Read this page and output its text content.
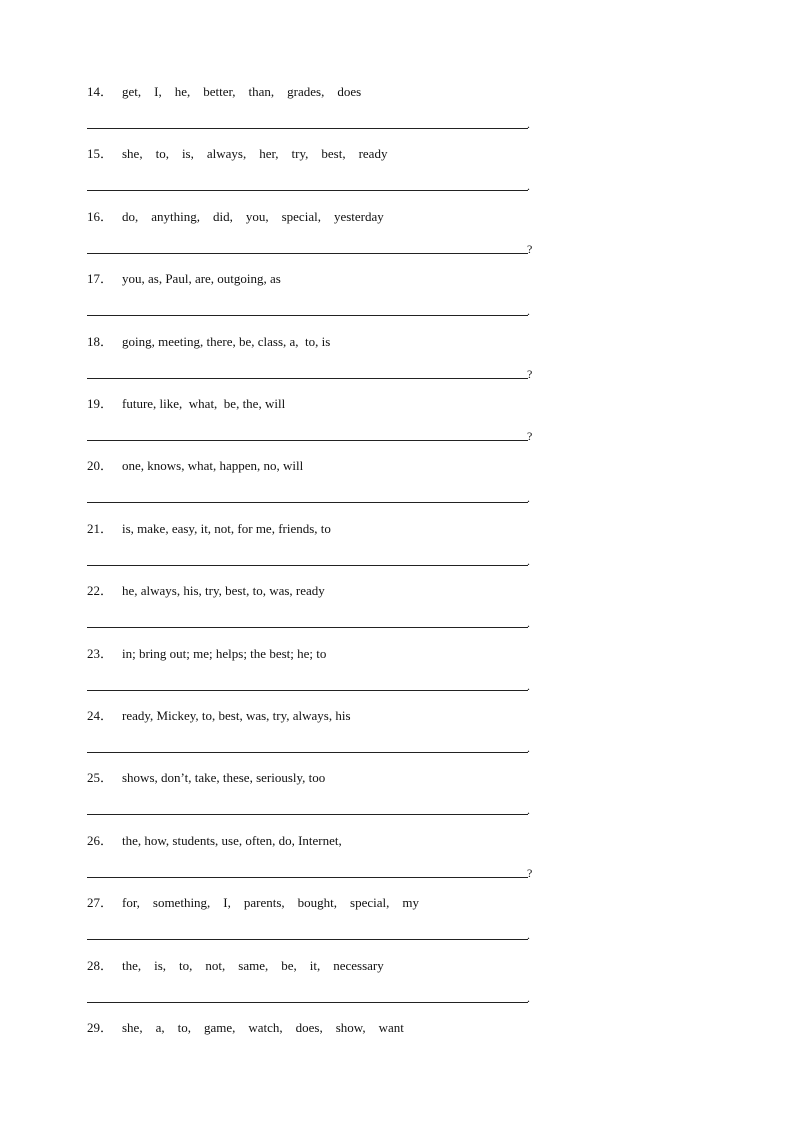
14． get,    I,    he,    better,    than,    grades,    does
.
15． she,    to,    is,    always,    her,    try,    best,    ready
.
16． do,    anything,    did,    you,    special,    yesterday
?
17． you, as, Paul, are, outgoing, as
.
18． going, meeting, there, be, class, a,  to, is
?
19． future, like,  what,  be, the, will
?
20． one, knows, what, happen, no, will
.
21． is, make, easy, it, not, for me, friends, to
.
22． he, always, his, try, best, to, was, ready
.
23． in; bring out; me; helps; the best; he; to
.
24． ready, Mickey, to, best, was, try, always, his
.
25． shows, don’t, take, these, seriously, too
.
26． the, how, students, use, often, do, Internet,
?
27． for,    something,    I,    parents,    bought,    special,    my
.
28． the,    is,    to,    not,    same,    be,    it,    necessary
.
29． she,    a,    to,    game,    watch,    does,    show,    want
